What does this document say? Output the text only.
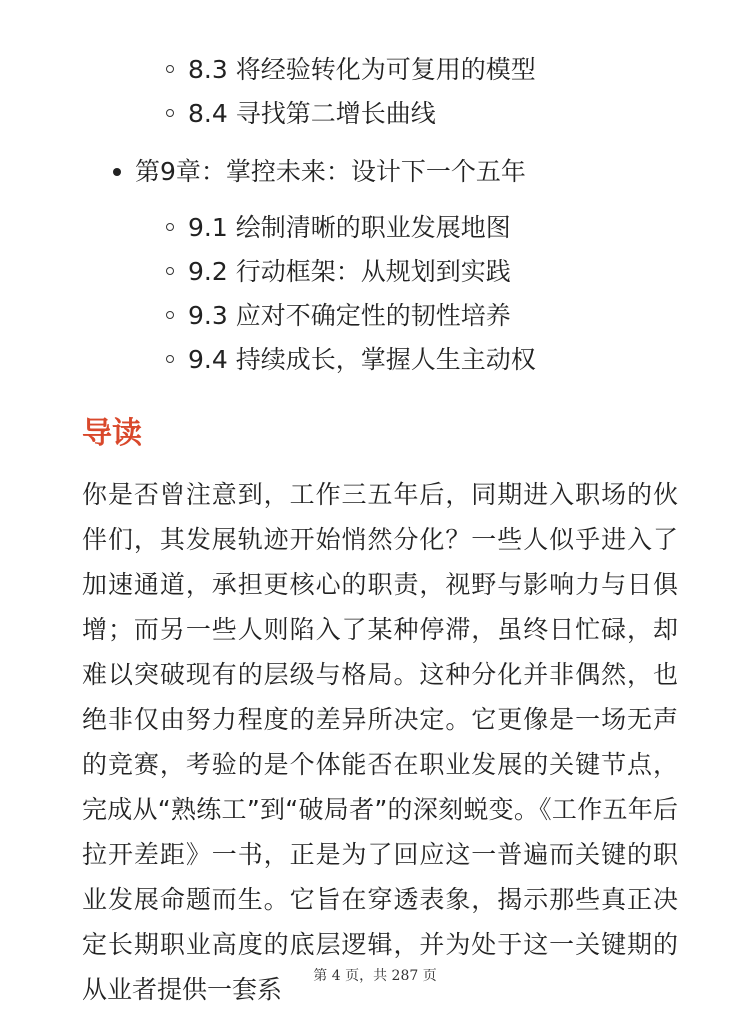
8.3 将经验转化为可复用的模型
8.4 寻找第二增长曲线
第9章：掌控未来：设计下一个五年
9.1 绘制清晰的职业发展地图
9.2 行动框架：从规划到实践
9.3 应对不确定性的韧性培养
9.4 持续成长，掌握人生主动权
导读

你是否曾注意到，工作三五年后，同期进入职场的伙伴们，其发展轨迹开始悄然分化？一些人似乎进入了加速通道，承担更核心的职责，视野与影响力与日俱增；而另一些人则陷入了某种停滞，虽终日忙碌，却难以突破现有的层级与格局。这种分化并非偶然，也绝非仅由努力程度的差异所决定。它更像是一场无声的竞赛，考验的是个体能否在职业发展的关键节点，完成从“熟练工”到“破局者”的深刻蜕变。《工作五年后拉开差距》一书，正是为了回应这一普遍而关键的职业发展命题而生。它旨在穿透表象，揭示那些真正决定长期职业高度的底层逻辑，并为处于这一关键期的从业者提供一套系	第 4 页，共 287 页
